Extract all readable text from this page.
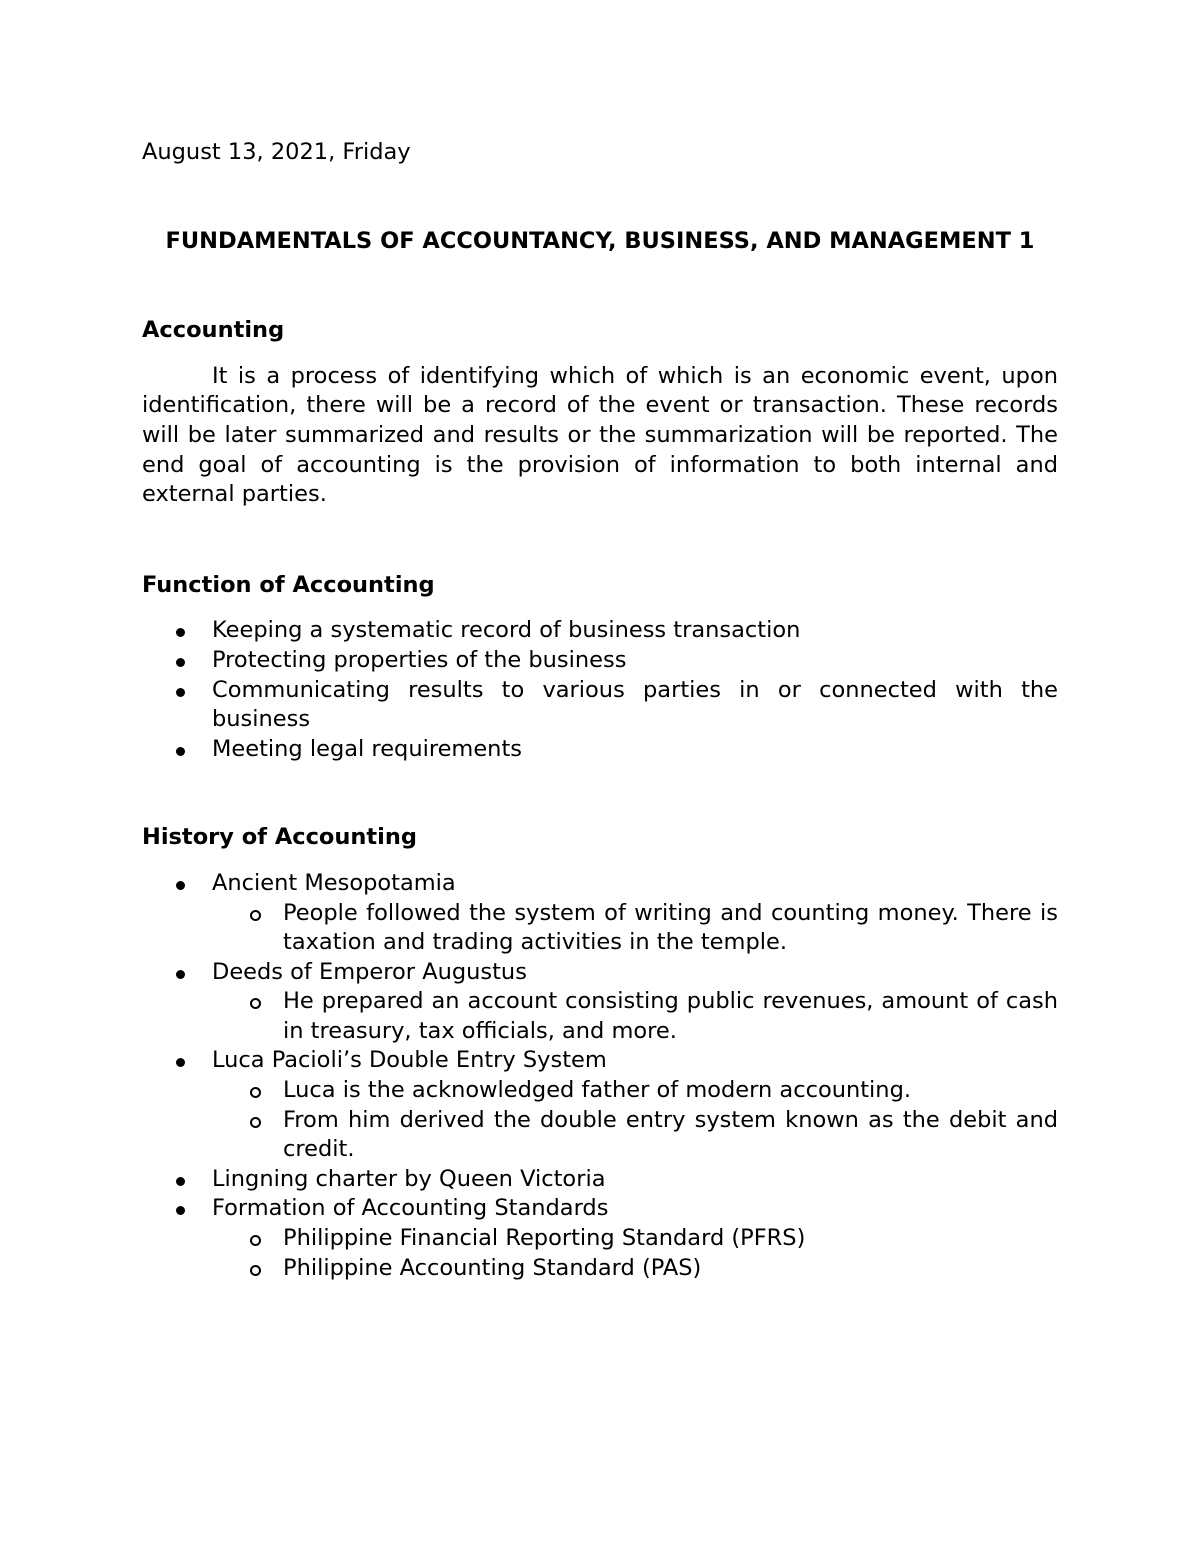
August 13, 2021, Friday

FUNDAMENTALS OF ACCOUNTANCY, BUSINESS, AND MANAGEMENT 1
Accounting

It is a process of identifying which of which is an economic event, upon identification, there will be a record of the event or transaction. These records will be later summarized and results or the summarization will be reported. The end goal of accounting is the provision of information to both internal and external parties.

Function of Accounting
Keeping a systematic record of business transaction
Protecting properties of the business
Communicating results to various parties in or connected with the business
Meeting legal requirements
History of Accounting
Ancient Mesopotamia
People followed the system of writing and counting money. There is taxation and trading activities in the temple.
Deeds of Emperor Augustus
He prepared an account consisting public revenues, amount of cash in treasury, tax officials, and more.
Luca Pacioli’s Double Entry System
Luca is the acknowledged father of modern accounting.
From him derived the double entry system known as the debit and credit.
Lingning charter by Queen Victoria
Formation of Accounting Standards
Philippine Financial Reporting Standard (PFRS)
Philippine Accounting Standard (PAS)
